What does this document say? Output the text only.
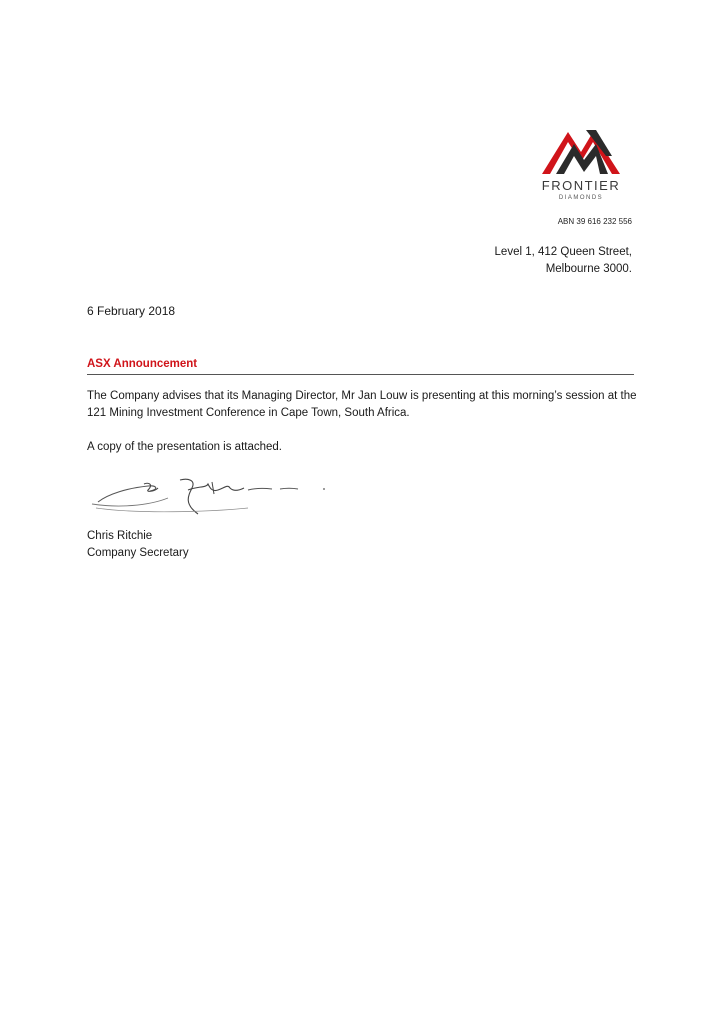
FRONTIER
DIAMONDS
ABN 39 616 232 556
Level 1, 412 Queen Street,
Melbourne 3000.
6 February 2018
ASX Announcement

The Company advises that its Managing Director, Mr Jan Louw is presenting at this morning’s session at the 121 Mining Investment Conference in Cape Town, South Africa.

A copy of the presentation is attached.

Chris Ritchie
Company Secretary
